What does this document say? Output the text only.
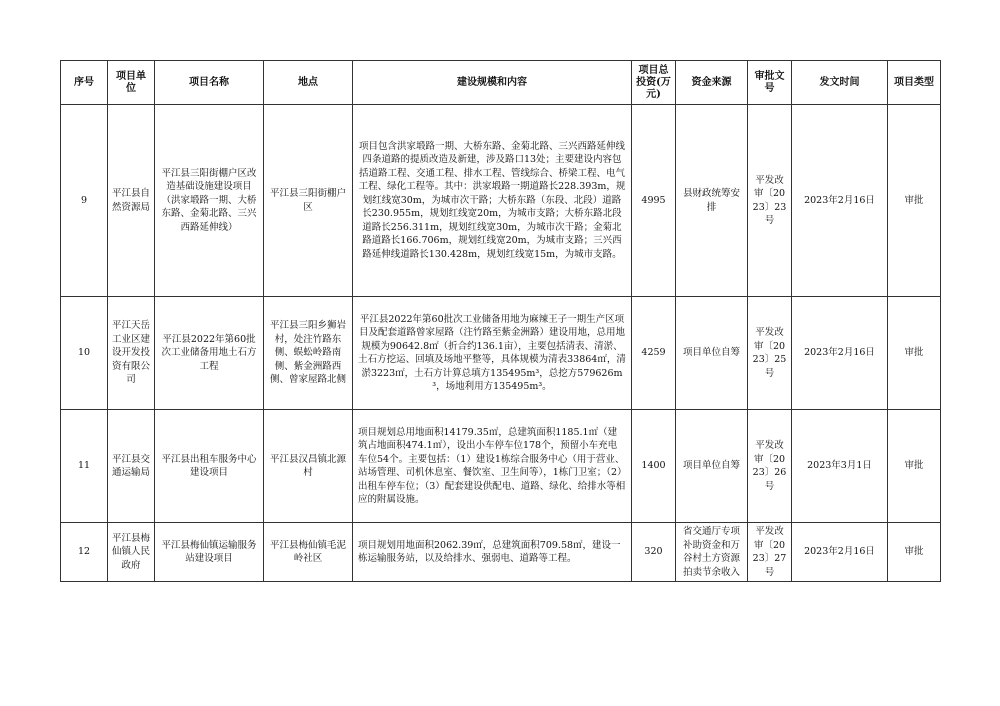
序号	项目单位	项目名称	地点	建设规模和内容	项目总投资(万元)	资金来源	审批文号	发文时间	项目类型
9	平江县自然资源局	平江县三阳街棚户区改造基础设施建设项目（洪家塅路一期、大桥东路、金菊北路、三兴西路延伸线）	平江县三阳街棚户区	项目包含洪家塅路一期、大桥东路、金菊北路、三兴西路延伸线四条道路的提质改造及新建，涉及路口13处；主要建设内容包括道路工程、交通工程、排水工程、管线综合、桥梁工程、电气工程、绿化工程等。其中：洪家塅路一期道路长228.393m，规划红线宽30m，为城市次干路；大桥东路（东段、北段）道路长230.955m，规划红线宽20m，为城市支路；大桥东路北段道路长256.311m，规划红线宽30m，为城市次干路；金菊北路道路长166.706m，规划红线宽20m，为城市支路；三兴西路延伸线道路长130.428m，规划红线宽15m，为城市支路。	4995	县财政统筹安排	平发改审〔2023〕23号	2023年2月16日	审批
10	平江天岳工业区建设开发投资有限公司	平江县2022年第60批次工业储备用地土石方工程	平江县三阳乡狮岩村，处注竹路东侧、蜈蚣岭路南侧、紫金洲路西侧、曾家屋路北侧	平江县2022年第60批次工业储备用地为麻辣王子一期生产区项目及配套道路曾家屋路（注竹路至紫金洲路）建设用地，总用地规模为90642.8㎡（折合约136.1亩），主要包括清表、清淤、土石方挖运、回填及场地平整等，具体规模为清表33864㎡，清淤3223㎡，土石方计算总填方135495m³，总挖方579626m³，场地利用方135495m³。	4259	项目单位自筹	平发改审〔2023〕25号	2023年2月16日	审批
11	平江县交通运输局	平江县出租车服务中心建设项目	平江县汉昌镇北源村	项目规划总用地面积14179.35㎡，总建筑面积1185.1㎡（建筑占地面积474.1㎡），设出小车停车位178个，预留小车充电车位54个。主要包括：（1）建设1栋综合服务中心（用于营业、站场管理、司机休息室、餐饮室、卫生间等），1栋门卫室；（2）出租车停车位；（3）配套建设供配电、道路、绿化、给排水等相应的附属设施。	1400	项目单位自筹	平发改审〔2023〕26号	2023年3月1日	审批
12	平江县梅仙镇人民政府	平江县梅仙镇运输服务站建设项目	平江县梅仙镇毛泥岭社区	项目规划用地面积2062.39㎡，总建筑面积709.58㎡，建设一栋运输服务站，以及给排水、强弱电、道路等工程。	320	省交通厅专项补助资金和万谷村土方资源拍卖节余收入	平发改审〔2023〕27号	2023年2月16日	审批
